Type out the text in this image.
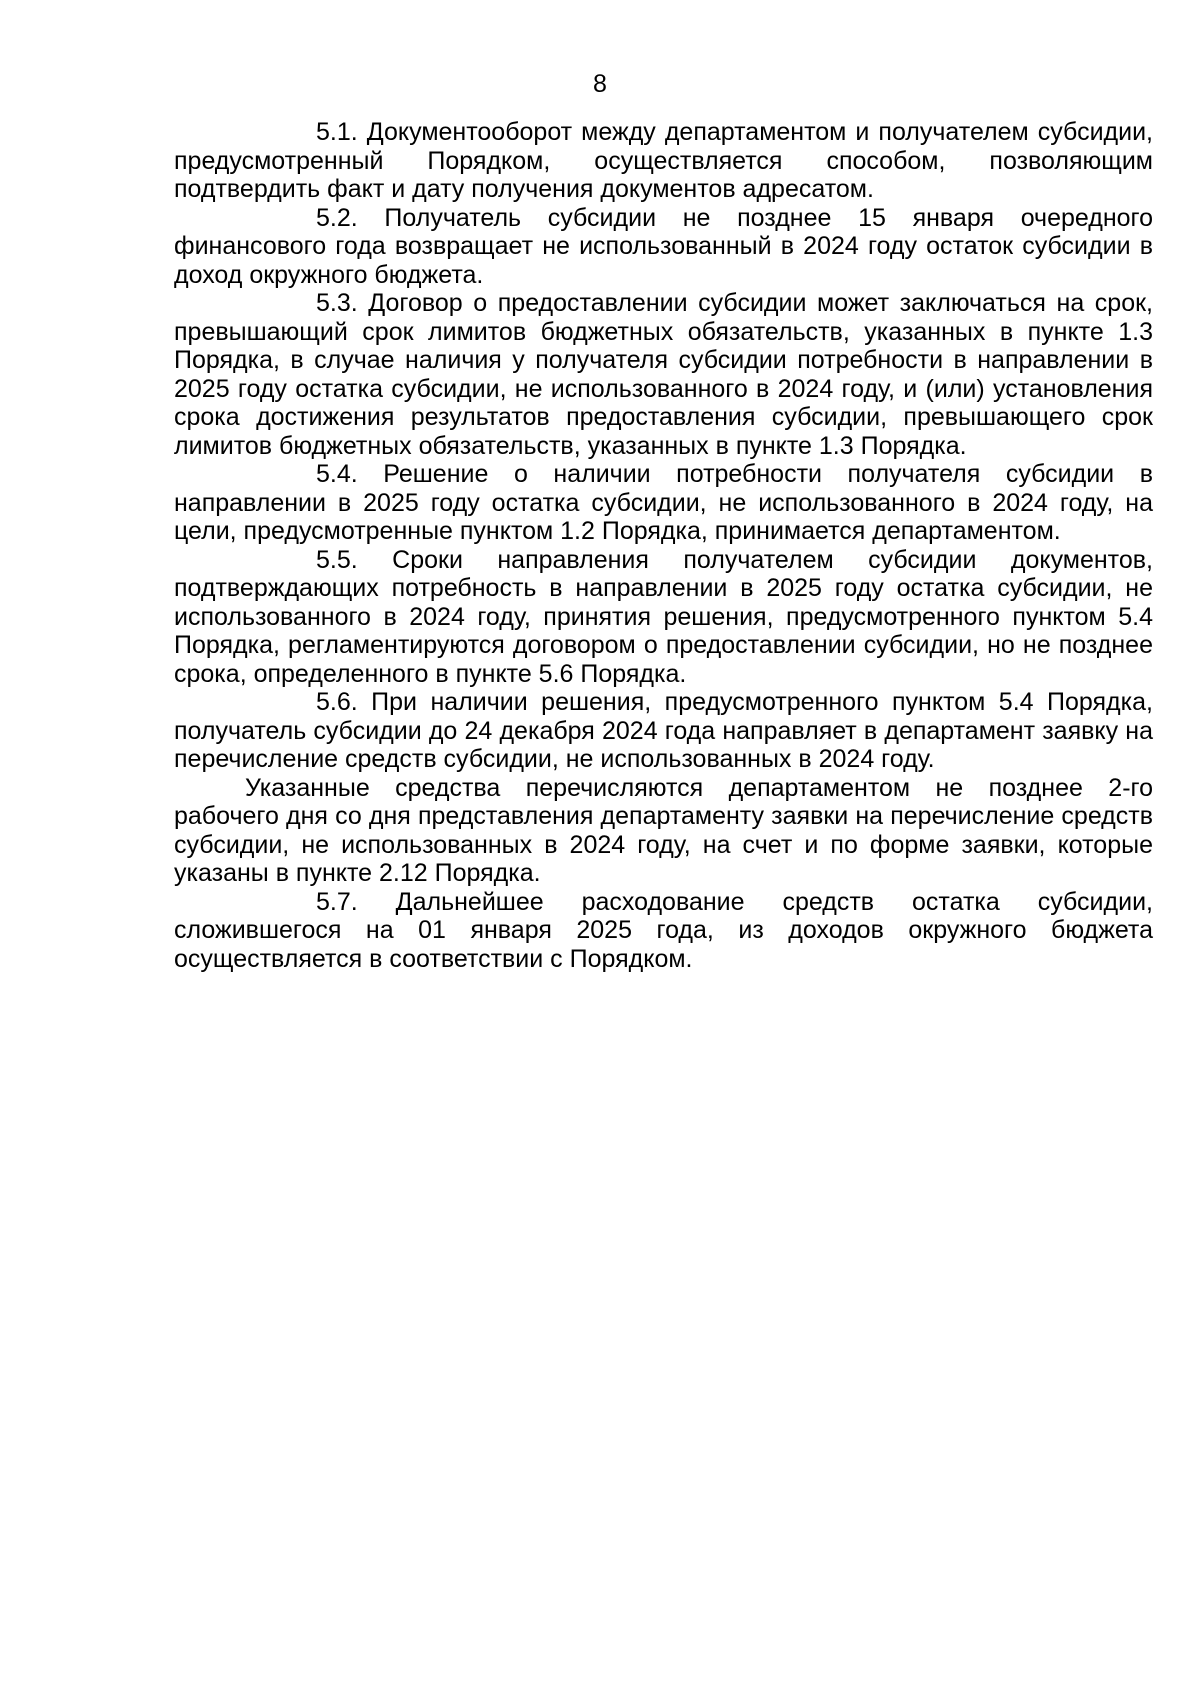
8

5.1. Документооборот между департаментом и получателем субсидии, предусмотренный Порядком, осуществляется способом, позволяющим подтвердить факт и дату получения документов адресатом.

5.2. Получатель субсидии не позднее 15 января очередного финансового года возвращает не использованный в 2024 году остаток субсидии в доход окружного бюджета.

5.3. Договор о предоставлении субсидии может заключаться на срок, превышающий срок лимитов бюджетных обязательств, указанных в пункте 1.3 Порядка, в случае наличия у получателя субсидии потребности в направлении в 2025 году остатка субсидии, не использованного в 2024 году, и (или) установления срока достижения результатов предоставления субсидии, превышающего срок лимитов бюджетных обязательств, указанных в пункте 1.3 Порядка.

5.4. Решение о наличии потребности получателя субсидии в направлении в 2025 году остатка субсидии, не использованного в 2024 году, на цели, предусмотренные пунктом 1.2 Порядка, принимается департаментом.

5.5. Сроки направления получателем субсидии документов, подтверждающих потребность в направлении в 2025 году остатка субсидии, не использованного в 2024 году, принятия решения, предусмотренного пунктом 5.4 Порядка, регламентируются договором о предоставлении субсидии, но не позднее срока, определенного в пункте 5.6 Порядка.

5.6. При наличии решения, предусмотренного пунктом 5.4 Порядка, получатель субсидии до 24 декабря 2024 года направляет в департамент заявку на перечисление средств субсидии, не использованных в 2024 году.

Указанные средства перечисляются департаментом не позднее 2-го рабочего дня со дня представления департаменту заявки на перечисление средств субсидии, не использованных в 2024 году, на счет и по форме заявки, которые указаны в пункте 2.12 Порядка.

5.7. Дальнейшее расходование средств остатка субсидии, сложившегося на 01 января 2025 года, из доходов окружного бюджета осуществляется в соответствии с Порядком.
